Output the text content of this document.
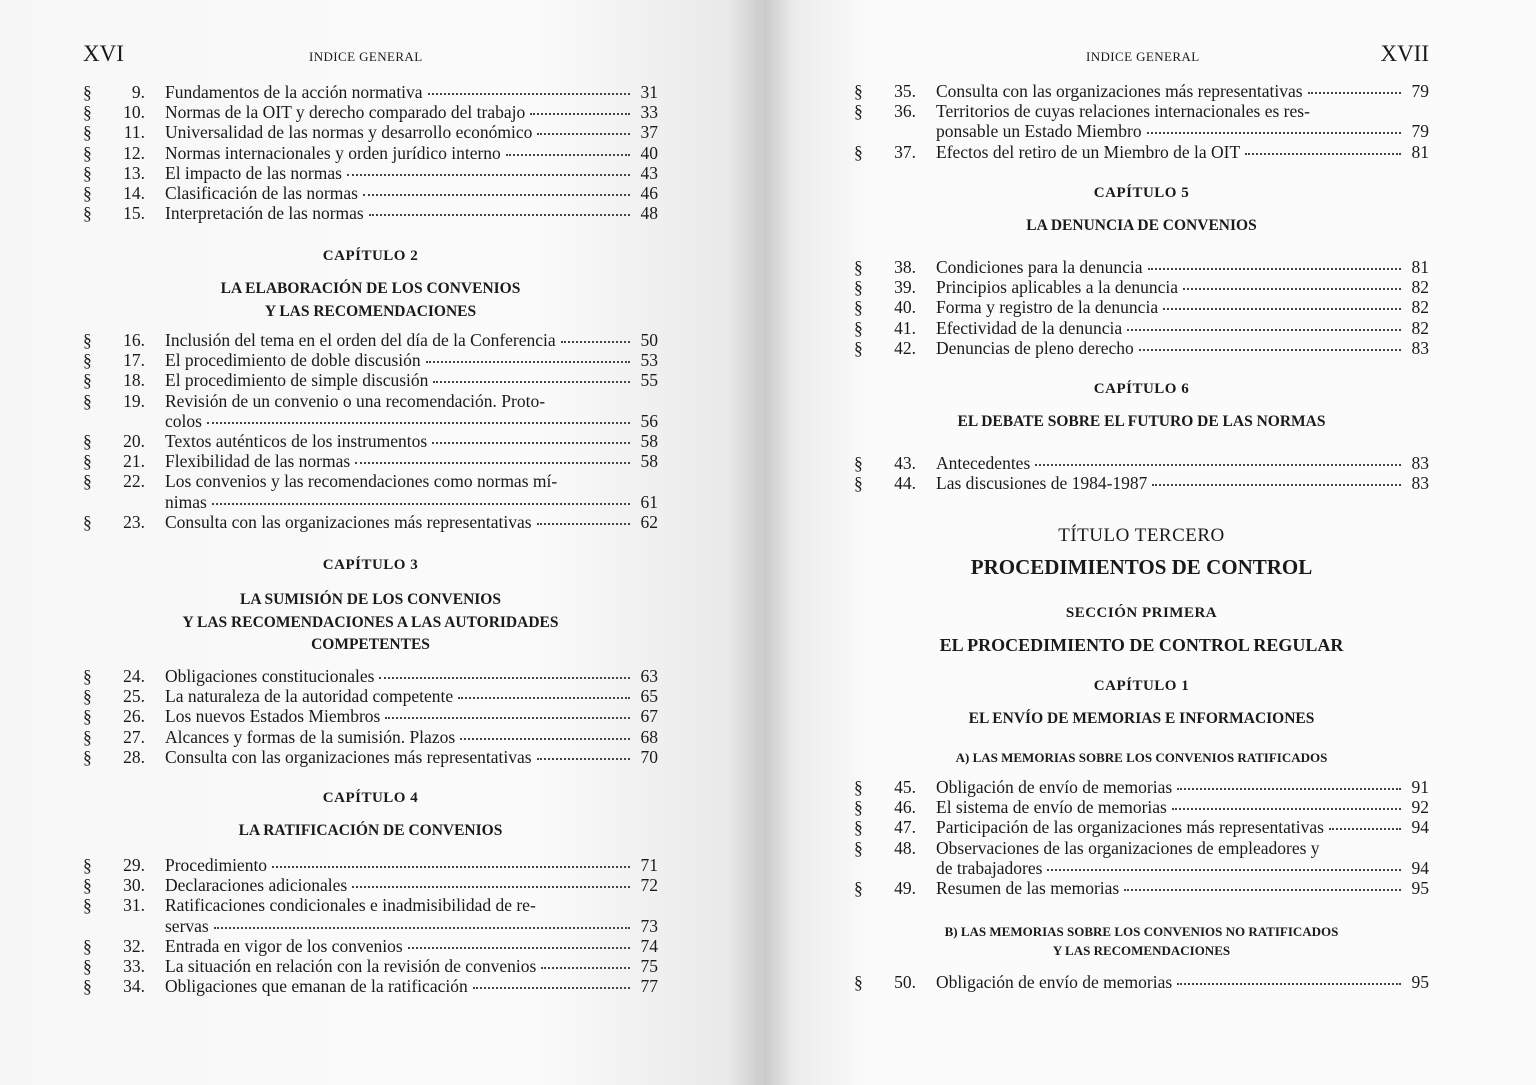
XVI	INDICE GENERAL
§	9.	Fundamentos de la acción normativa	31
§	10.	Normas de la OIT y derecho comparado del trabajo	33
§	11.	Universalidad de las normas y desarrollo económico	37
§	12.	Normas internacionales y orden jurídico interno	40
§	13.	El impacto de las normas	43
§	14.	Clasificación de las normas	46
§	15.	Interpretación de las normas	48
CAPÍTULO 2
LA ELABORACIÓN DE LOS CONVENIOS
Y LAS RECOMENDACIONES
§	16.	Inclusión del tema en el orden del día de la Conferencia	50
§	17.	El procedimiento de doble discusión	53
§	18.	El procedimiento de simple discusión	55
§	19.	Revisión de un convenio o una recomendación. Proto-
colos	56
§	20.	Textos auténticos de los instrumentos	58
§	21.	Flexibilidad de las normas	58
§	22.	Los convenios y las recomendaciones como normas mí-
nimas	61
§	23.	Consulta con las organizaciones más representativas	62
CAPÍTULO 3
LA SUMISIÓN DE LOS CONVENIOS
Y LAS RECOMENDACIONES A LAS AUTORIDADES
COMPETENTES
§	24.	Obligaciones constitucionales	63
§	25.	La naturaleza de la autoridad competente	65
§	26.	Los nuevos Estados Miembros	67
§	27.	Alcances y formas de la sumisión. Plazos	68
§	28.	Consulta con las organizaciones más representativas	70
CAPÍTULO 4
LA RATIFICACIÓN DE CONVENIOS
§	29.	Procedimiento	71
§	30.	Declaraciones adicionales	72
§	31.	Ratificaciones condicionales e inadmisibilidad de re-
servas	73
§	32.	Entrada en vigor de los convenios	74
§	33.	La situación en relación con la revisión de convenios	75
§	34.	Obligaciones que emanan de la ratificación	77
INDICE GENERAL	XVII
§	35.	Consulta con las organizaciones más representativas	79
§	36.	Territorios de cuyas relaciones internacionales es res-
ponsable un Estado Miembro	79
§	37.	Efectos del retiro de un Miembro de la OIT	81
CAPÍTULO 5
LA DENUNCIA DE CONVENIOS
§	38.	Condiciones para la denuncia	81
§	39.	Principios aplicables a la denuncia	82
§	40.	Forma y registro de la denuncia	82
§	41.	Efectividad de la denuncia	82
§	42.	Denuncias de pleno derecho	83
CAPÍTULO 6
EL DEBATE SOBRE EL FUTURO DE LAS NORMAS
§	43.	Antecedentes	83
§	44.	Las discusiones de 1984-1987	83
TÍTULO TERCERO
PROCEDIMIENTOS DE CONTROL
SECCIÓN PRIMERA
EL PROCEDIMIENTO DE CONTROL REGULAR
CAPÍTULO 1
EL ENVÍO DE MEMORIAS E INFORMACIONES
A) LAS MEMORIAS SOBRE LOS CONVENIOS RATIFICADOS
§	45.	Obligación de envío de memorias	91
§	46.	El sistema de envío de memorias	92
§	47.	Participación de las organizaciones más representativas	94
§	48.	Observaciones de las organizaciones de empleadores y
de trabajadores	94
§	49.	Resumen de las memorias	95
B) LAS MEMORIAS SOBRE LOS CONVENIOS NO RATIFICADOS
Y LAS RECOMENDACIONES
§	50.	Obligación de envío de memorias	95
